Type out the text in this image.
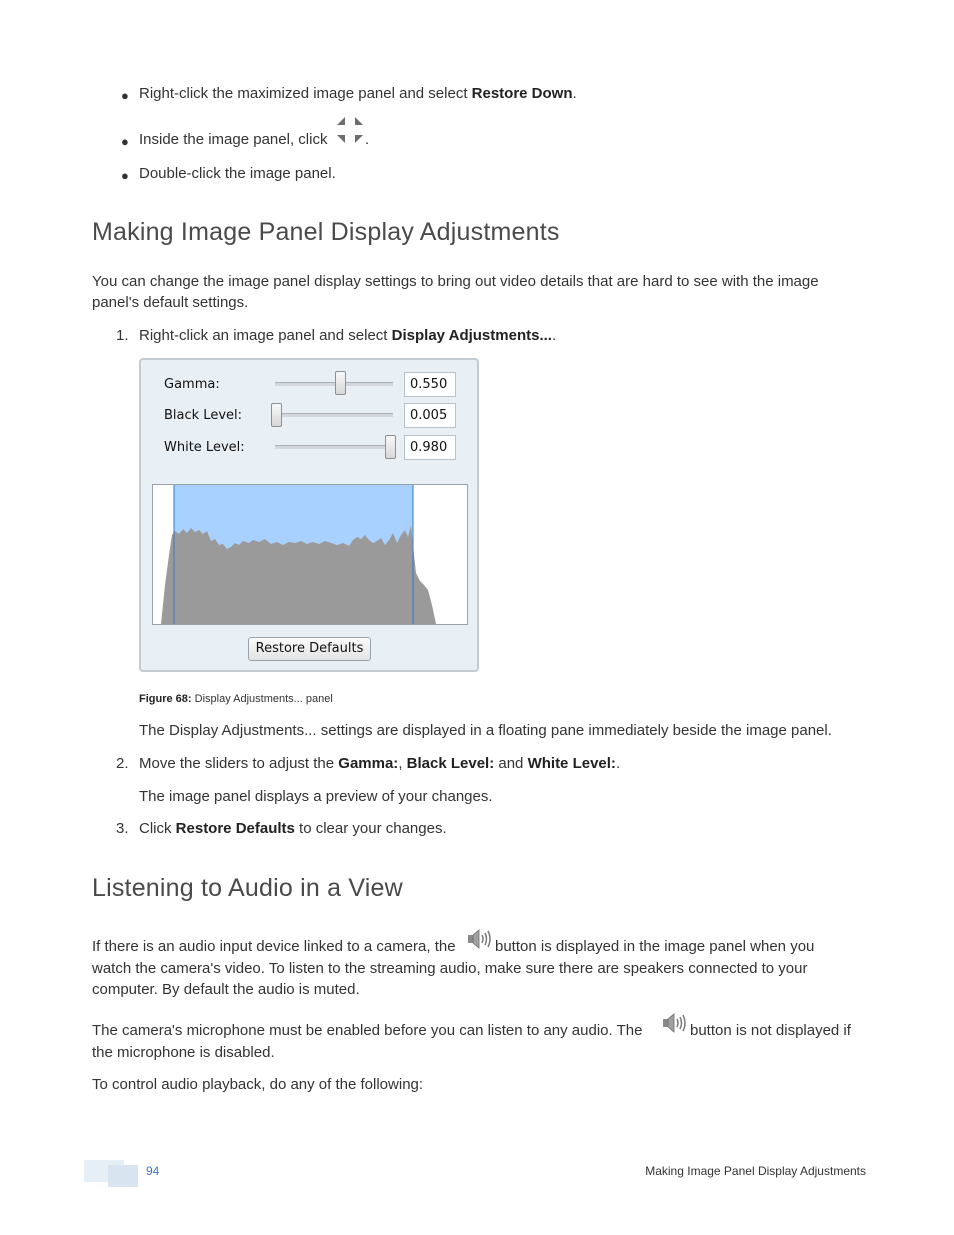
● Right-click the maximized image panel and select Restore Down.
● Inside the image panel, click	.
● Double-click the image panel.
Making Image Panel Display Adjustments
You can change the image panel display settings to bring out video details that are hard to see with the image
panel's default settings.
1. Right-click an image panel and select Display Adjustments....
Gamma:	0.550
Black Level:	0.005
White Level:	0.980
Restore Defaults
Figure 68: Display Adjustments... panel
The Display Adjustments... settings are displayed in a floating pane immediately beside the image panel.
2. Move the sliders to adjust the Gamma:, Black Level: and White Level:.
The image panel displays a preview of your changes.
3. Click Restore Defaults to clear your changes.
Listening to Audio in a View
If there is an audio input device linked to a camera, the	button is displayed in the image panel when you
watch the camera's video. To listen to the streaming audio, make sure there are speakers connected to your
computer. By default the audio is muted.
The camera's microphone must be enabled before you can listen to any audio. The	button is not displayed if
the microphone is disabled.
To control audio playback, do any of the following:
94	Making Image Panel Display Adjustments
